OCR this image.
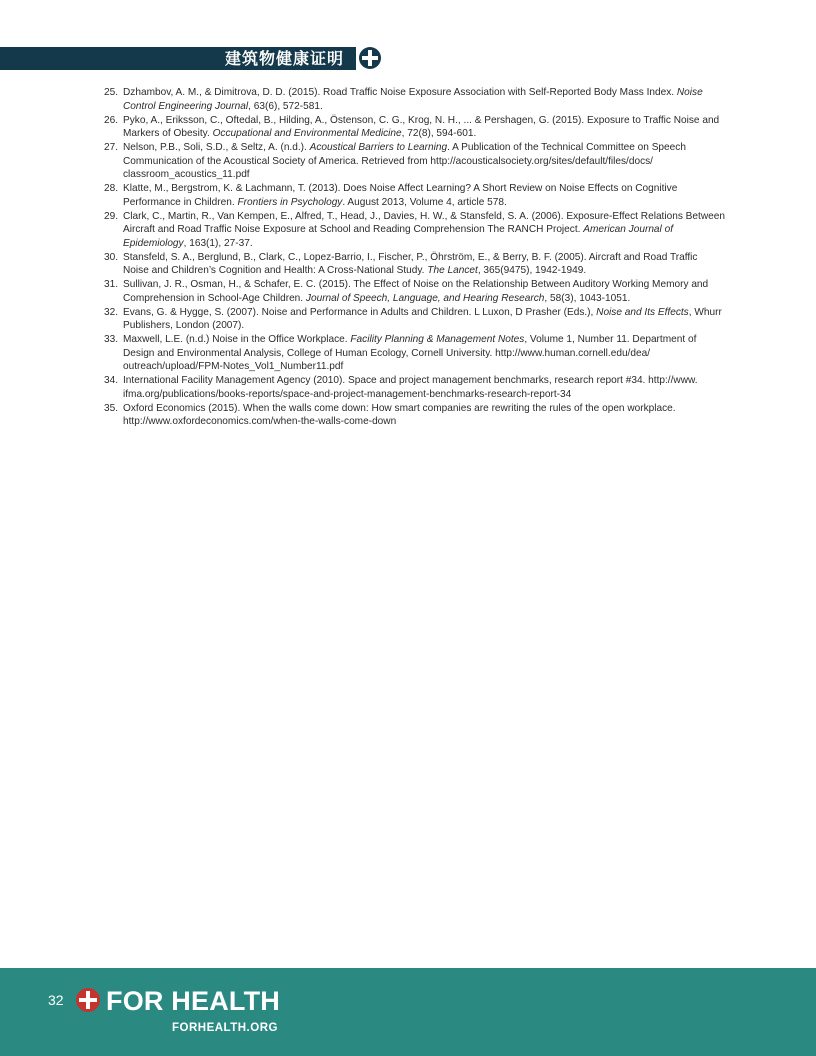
建筑物健康证明
25. Dzhambov, A. M., & Dimitrova, D. D. (2015). Road Traffic Noise Exposure Association with Self-Reported Body Mass Index. Noise Control Engineering Journal, 63(6), 572-581.
26. Pyko, A., Eriksson, C., Oftedal, B., Hilding, A., Östenson, C. G., Krog, N. H., ... & Pershagen, G. (2015). Exposure to Traffic Noise and Markers of Obesity. Occupational and Environmental Medicine, 72(8), 594-601.
27. Nelson, P.B., Soli, S.D., & Seltz, A. (n.d.). Acoustical Barriers to Learning. A Publication of the Technical Committee on Speech Communication of the Acoustical Society of America. Retrieved from http://acousticalsociety.org/sites/default/files/docs/ classroom_acoustics_11.pdf
28. Klatte, M., Bergstrom, K. & Lachmann, T. (2013). Does Noise Affect Learning? A Short Review on Noise Effects on Cognitive Performance in Children. Frontiers in Psychology. August 2013, Volume 4, article 578.
29. Clark, C., Martin, R., Van Kempen, E., Alfred, T., Head, J., Davies, H. W., & Stansfeld, S. A. (2006). Exposure-Effect Relations Between Aircraft and Road Traffic Noise Exposure at School and Reading Comprehension The RANCH Project. American Journal of Epidemiology, 163(1), 27-37.
30. Stansfeld, S. A., Berglund, B., Clark, C., Lopez-Barrio, I., Fischer, P., Öhrström, E., & Berry, B. F. (2005). Aircraft and Road Traffic Noise and Children’s Cognition and Health: A Cross-National Study. The Lancet, 365(9475), 1942-1949.
31. Sullivan, J. R., Osman, H., & Schafer, E. C. (2015). The Effect of Noise on the Relationship Between Auditory Working Memory and Comprehension in School-Age Children. Journal of Speech, Language, and Hearing Research, 58(3), 1043-1051.
32. Evans, G. & Hygge, S. (2007). Noise and Performance in Adults and Children. L Luxon, D Prasher (Eds.), Noise and Its Effects, Whurr Publishers, London (2007).
33. Maxwell, L.E. (n.d.) Noise in the Office Workplace. Facility Planning & Management Notes, Volume 1, Number 11. Department of Design and Environmental Analysis, College of Human Ecology, Cornell University. http://www.human.cornell.edu/dea/ outreach/upload/FPM-Notes_Vol1_Number11.pdf
34. International Facility Management Agency (2010). Space and project management benchmarks, research report #34. http://www. ifma.org/publications/books-reports/space-and-project-management-benchmarks-research-report-34
35. Oxford Economics (2015). When the walls come down: How smart companies are rewriting the rules of the open workplace. http://www.oxfordeconomics.com/when-the-walls-come-down
32 FOR HEALTH
FORHEALTH.ORG
